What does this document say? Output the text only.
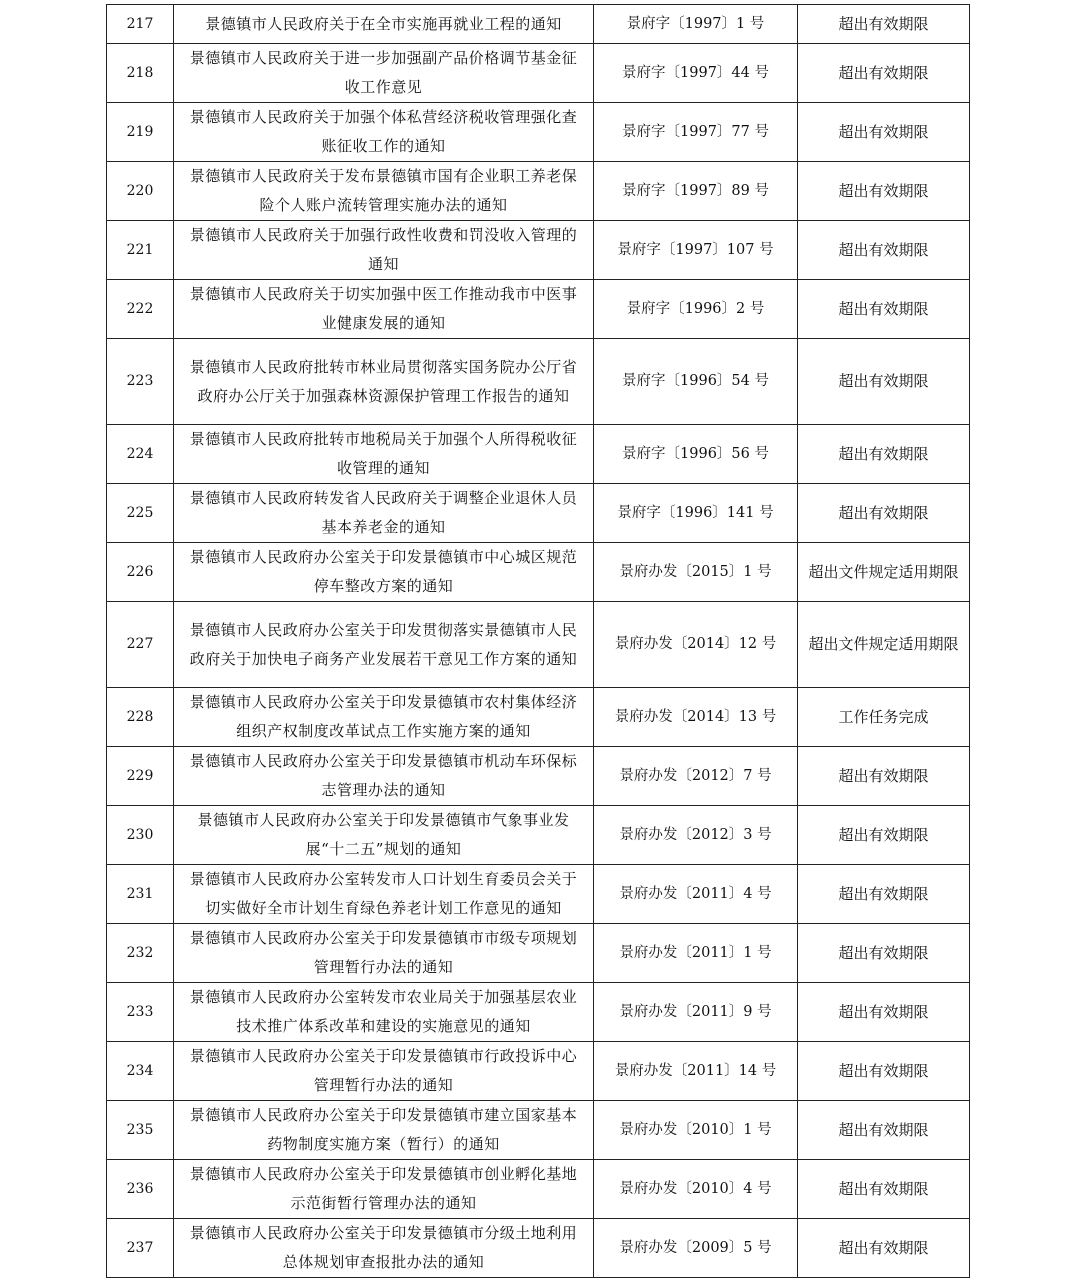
217	景德镇市人民政府关于在全市实施再就业工程的通知	景府字〔1997〕1 号	超出有效期限
218	景德镇市人民政府关于进一步加强副产品价格调节基金征收工作意见	景府字〔1997〕44 号	超出有效期限
219	景德镇市人民政府关于加强个体私营经济税收管理强化查账征收工作的通知	景府字〔1997〕77 号	超出有效期限
220	景德镇市人民政府关于发布景德镇市国有企业职工养老保险个人账户流转管理实施办法的通知	景府字〔1997〕89 号	超出有效期限
221	景德镇市人民政府关于加强行政性收费和罚没收入管理的通知	景府字〔1997〕107 号	超出有效期限
222	景德镇市人民政府关于切实加强中医工作推动我市中医事业健康发展的通知	景府字〔1996〕2 号	超出有效期限
223	景德镇市人民政府批转市林业局贯彻落实国务院办公厅省政府办公厅关于加强森林资源保护管理工作报告的通知	景府字〔1996〕54 号	超出有效期限
224	景德镇市人民政府批转市地税局关于加强个人所得税收征收管理的通知	景府字〔1996〕56 号	超出有效期限
225	景德镇市人民政府转发省人民政府关于调整企业退休人员基本养老金的通知	景府字〔1996〕141 号	超出有效期限
226	景德镇市人民政府办公室关于印发景德镇市中心城区规范停车整改方案的通知	景府办发〔2015〕1 号	超出文件规定适用期限
227	景德镇市人民政府办公室关于印发贯彻落实景德镇市人民政府关于加快电子商务产业发展若干意见工作方案的通知	景府办发〔2014〕12 号	超出文件规定适用期限
228	景德镇市人民政府办公室关于印发景德镇市农村集体经济组织产权制度改革试点工作实施方案的通知	景府办发〔2014〕13 号	工作任务完成
229	景德镇市人民政府办公室关于印发景德镇市机动车环保标志管理办法的通知	景府办发〔2012〕7 号	超出有效期限
230	景德镇市人民政府办公室关于印发景德镇市气象事业发展“十二五”规划的通知	景府办发〔2012〕3 号	超出有效期限
231	景德镇市人民政府办公室转发市人口计划生育委员会关于切实做好全市计划生育绿色养老计划工作意见的通知	景府办发〔2011〕4 号	超出有效期限
232	景德镇市人民政府办公室关于印发景德镇市市级专项规划管理暂行办法的通知	景府办发〔2011〕1 号	超出有效期限
233	景德镇市人民政府办公室转发市农业局关于加强基层农业技术推广体系改革和建设的实施意见的通知	景府办发〔2011〕9 号	超出有效期限
234	景德镇市人民政府办公室关于印发景德镇市行政投诉中心管理暂行办法的通知	景府办发〔2011〕14 号	超出有效期限
235	景德镇市人民政府办公室关于印发景德镇市建立国家基本药物制度实施方案（暂行）的通知	景府办发〔2010〕1 号	超出有效期限
236	景德镇市人民政府办公室关于印发景德镇市创业孵化基地示范街暂行管理办法的通知	景府办发〔2010〕4 号	超出有效期限
237	景德镇市人民政府办公室关于印发景德镇市分级土地利用总体规划审查报批办法的通知	景府办发〔2009〕5 号	超出有效期限
